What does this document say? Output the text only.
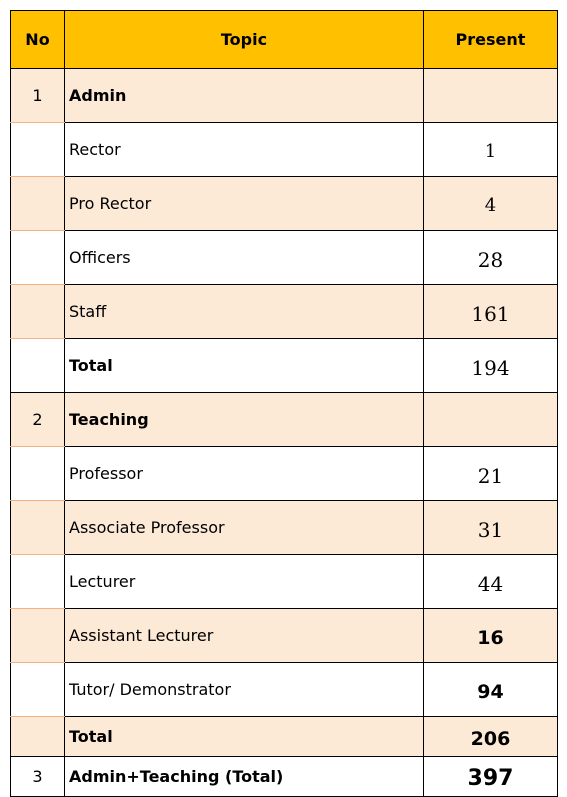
No	Topic	Present
1	Admin	
	Rector	1
	Pro Rector	4
	Officers	28
	Staff	161
	Total	194
2	Teaching	
	Professor	21
	Associate Professor	31
	Lecturer	44
	Assistant Lecturer	16
	Tutor/ Demonstrator	94
	Total	206
3	Admin+Teaching (Total)	397
